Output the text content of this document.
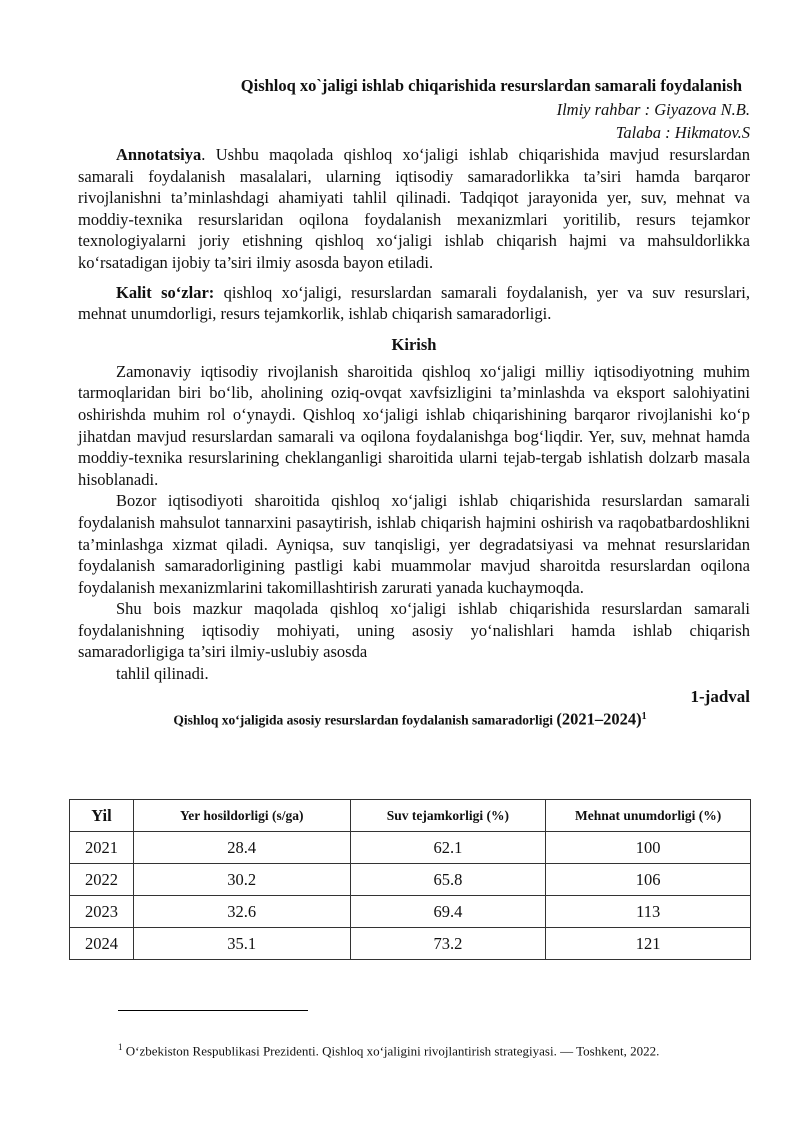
Qishloq xo`jaligi ishlab chiqarishida resurslardan samarali foydalanish
Ilmiy rahbar : Giyazova N.B.
Talaba : Hikmatov.S

Annotatsiya. Ushbu maqolada qishloq xo‘jaligi ishlab chiqarishida mavjud resurslardan samarali foydalanish masalalari, ularning iqtisodiy samaradorlikka ta’siri hamda barqaror rivojlanishni ta’minlashdagi ahamiyati tahlil qilinadi. Tadqiqot jarayonida yer, suv, mehnat va moddiy-texnika resurslaridan oqilona foydalanish mexanizmlari yoritilib, resurs tejamkor texnologiyalarni joriy etishning qishloq xo‘jaligi ishlab chiqarish hajmi va mahsuldorlikka ko‘rsatadigan ijobiy ta’siri ilmiy asosda bayon etiladi.

Kalit so‘zlar: qishloq xo‘jaligi, resurslardan samarali foydalanish, yer va suv resurslari, mehnat unumdorligi, resurs tejamkorlik, ishlab chiqarish samaradorligi.

Kirish

Zamonaviy iqtisodiy rivojlanish sharoitida qishloq xo‘jaligi milliy iqtisodiyotning muhim tarmoqlaridan biri bo‘lib, aholining oziq-ovqat xavfsizligini ta’minlashda va eksport salohiyatini oshirishda muhim rol o‘ynaydi. Qishloq xo‘jaligi ishlab chiqarishining barqaror rivojlanishi ko‘p jihatdan mavjud resurslardan samarali va oqilona foydalanishga bog‘liqdir. Yer, suv, mehnat hamda moddiy-texnika resurslarining cheklanganligi sharoitida ularni tejab-tergab ishlatish dolzarb masala hisoblanadi.

Bozor iqtisodiyoti sharoitida qishloq xo‘jaligi ishlab chiqarishida resurslardan samarali foydalanish mahsulot tannarxini pasaytirish, ishlab chiqarish hajmini oshirish va raqobatbardoshlikni ta’minlashga xizmat qiladi. Ayniqsa, suv tanqisligi, yer degradatsiyasi va mehnat resurslaridan foydalanish samaradorligining pastligi kabi muammolar mavjud sharoitda resurslardan oqilona foydalanish mexanizmlarini takomillashtirish zarurati yanada kuchaymoqda.

Shu bois mazkur maqolada qishloq xo‘jaligi ishlab chiqarishida resurslardan samarali foydalanishning iqtisodiy mohiyati, uning asosiy yo‘nalishlari hamda ishlab chiqarish samaradorligiga ta’siri ilmiy-uslubiy asosda

tahlil qilinadi.
1-jadval
Qishloq xo‘jaligida asosiy resurslardan foydalanish samaradorligi (2021–2024)$^1$
Yil	Yer hosildorligi (s/ga)	Suv tejamkorligi (%)	Mehnat unumdorligi (%)
2021	28.4	62.1	100
2022	30.2	65.8	106
2023	32.6	69.4	113
2024	35.1	73.2	121
$^1$ O‘zbekiston Respublikasi Prezidenti. Qishloq xo‘jaligini rivojlantirish strategiyasi. — Toshkent, 2022.
